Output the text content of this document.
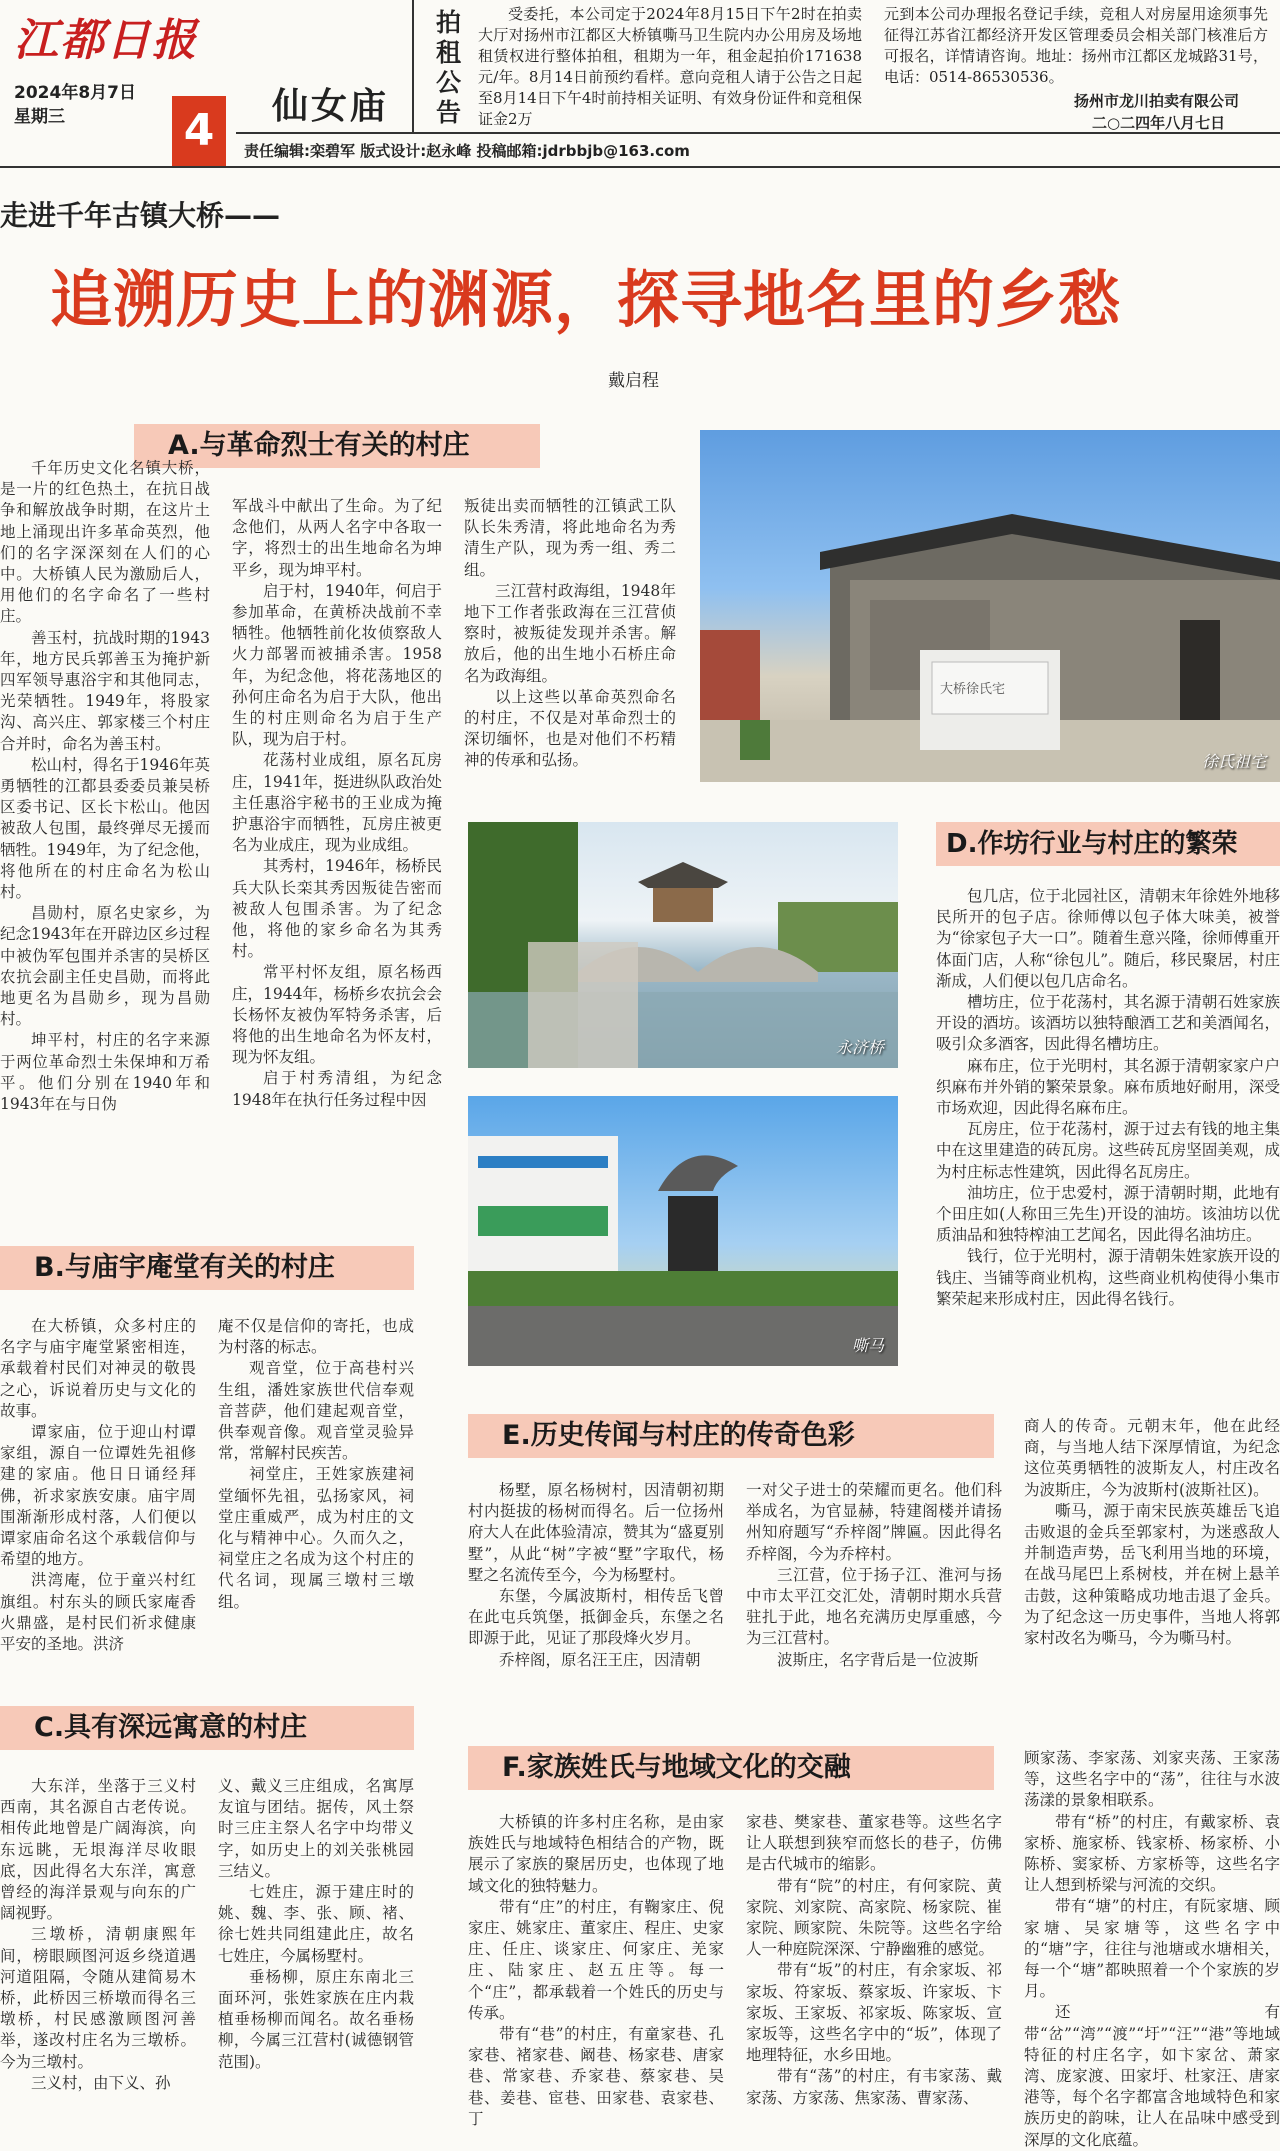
江都日报
2024年8月7日
星期三	4	仙女庙
拍租公告
受委托，本公司定于2024年8月15日下午2时在拍卖大厅对扬州市江都区大桥镇嘶马卫生院内办公用房及场地租赁权进行整体拍租，租期为一年，租金起拍价171638元/年。8月14日前预约看样。意向竞租人请于公告之日起至8月14日下午4时前持相关证明、有效身份证件和竞租保证金2万
元到本公司办理报名登记手续，竞租人对房屋用途须事先征得江苏省江都经济开发区管理委员会相关部门核准后方可报名，详情请咨询。地址：扬州市江都区龙城路31号，电话：0514-86530536。
扬州市龙川拍卖有限公司
二○二四年八月七日
责任编辑:栾碧军 版式设计:赵永峰 投稿邮箱:jdrbbjb@163.com
走进千年古镇大桥——
追溯历史上的渊源，探寻地名里的乡愁
戴启程
A.与革命烈士有关的村庄

千年历史文化名镇大桥，是一片的红色热土，在抗日战争和解放战争时期，在这片土地上涌现出许多革命英烈，他们的名字深深刻在人们的心中。大桥镇人民为激励后人，用他们的名字命名了一些村庄。

善玉村，抗战时期的1943年，地方民兵郭善玉为掩护新四军领导惠浴宇和其他同志，光荣牺牲。1949年，将股家沟、高兴庄、郭家楼三个村庄合并时，命名为善玉村。

松山村，得名于1946年英勇牺牲的江都县委委员兼吴桥区委书记、区长卞松山。他因被敌人包围，最终弹尽无援而牺牲。1949年，为了纪念他，将他所在的村庄命名为松山村。

昌勋村，原名史家乡，为纪念1943年在开辟边区乡过程中被伪军包围并杀害的吴桥区农抗会副主任史昌勋，而将此地更名为昌勋乡，现为昌勋村。

坤平村，村庄的名字来源于两位革命烈士朱保坤和万希平。他们分别在1940年和1943年在与日伪

军战斗中献出了生命。为了纪念他们，从两人名字中各取一字，将烈士的出生地命名为坤平乡，现为坤平村。

启于村，1940年，何启于参加革命，在黄桥决战前不幸牺牲。他牺牲前化妆侦察敌人火力部署而被捕杀害。1958年，为纪念他，将花荡地区的孙何庄命名为启于大队，他出生的村庄则命名为启于生产队，现为启于村。

花荡村业成组，原名瓦房庄，1941年，挺进纵队政治处主任惠浴宇秘书的王业成为掩护惠浴宇而牺牲，瓦房庄被更名为业成庄，现为业成组。

其秀村，1946年，杨桥民兵大队长栾其秀因叛徒告密而被敌人包围杀害。为了纪念他，将他的家乡命名为其秀村。

常平村怀友组，原名杨西庄，1944年，杨桥乡农抗会会长杨怀友被伪军特务杀害，后将他的出生地命名为怀友村，现为怀友组。

启于村秀清组，为纪念1948年在执行任务过程中因

叛徒出卖而牺牲的江镇武工队队长朱秀清，将此地命名为秀清生产队，现为秀一组、秀二组。

三江营村政海组，1948年地下工作者张政海在三江营侦察时，被叛徒发现并杀害。解放后，他的出生地小石桥庄命名为政海组。

以上这些以革命英烈命名的村庄，不仅是对革命烈士的深切缅怀，也是对他们不朽精神的传承和弘扬。

大桥徐氏宅
徐氏祖宅
永济桥
嘶马
B.与庙宇庵堂有关的村庄

在大桥镇，众多村庄的名字与庙宇庵堂紧密相连，承载着村民们对神灵的敬畏之心，诉说着历史与文化的故事。

谭家庙，位于迎山村谭家组，源自一位谭姓先祖修建的家庙。他日日诵经拜佛，祈求家族安康。庙宇周围渐渐形成村落，人们便以谭家庙命名这个承载信仰与希望的地方。

洪湾庵，位于童兴村红旗组。村东头的顾氏家庵香火鼎盛，是村民们祈求健康平安的圣地。洪济

庵不仅是信仰的寄托，也成为村落的标志。

观音堂，位于高巷村兴生组，潘姓家族世代信奉观音菩萨，他们建起观音堂，供奉观音像。观音堂灵验异常，常解村民疾苦。

祠堂庄，王姓家族建祠堂缅怀先祖，弘扬家风，祠堂庄重威严，成为村庄的文化与精神中心。久而久之，祠堂庄之名成为这个村庄的代名词，现属三墩村三墩组。

C.具有深远寓意的村庄

大东洋，坐落于三义村西南，其名源自古老传说。相传此地曾是广阔海滨，向东远眺，无垠海洋尽收眼底，因此得名大东洋，寓意曾经的海洋景观与向东的广阔视野。

三墩桥，清朝康熙年间，榜眼顾图河返乡绕道遇河道阻隔，令随从建简易木桥，此桥因三桥墩而得名三墩桥，村民感激顾图河善举，遂改村庄名为三墩桥。今为三墩村。

三义村，由下义、孙

义、戴义三庄组成，名寓厚友谊与团结。据传，风土祭时三庄主祭人名字中均带义字，如历史上的刘关张桃园三结义。

七姓庄，源于建庄时的姚、魏、李、张、顾、褚、徐七姓共同组建此庄，故名七姓庄，今属杨墅村。

垂杨柳，原庄东南北三面环河，张姓家族在庄内栽植垂杨柳而闻名。故名垂杨柳，今属三江营村(诚德钢管范围)。

D.作坊行业与村庄的繁荣

包几店，位于北园社区，清朝末年徐姓外地移民所开的包子店。徐师傅以包子体大味美，被誉为“徐家包子大一口”。随着生意兴隆，徐师傅重开体面门店，人称“徐包儿”。随后，移民聚居，村庄渐成，人们便以包几店命名。

槽坊庄，位于花荡村，其名源于清朝石姓家族开设的酒坊。该酒坊以独特酿酒工艺和美酒闻名，吸引众多酒客，因此得名槽坊庄。

麻布庄，位于光明村，其名源于清朝家家户户织麻布并外销的繁荣景象。麻布质地好耐用，深受市场欢迎，因此得名麻布庄。

瓦房庄，位于花荡村，源于过去有钱的地主集中在这里建造的砖瓦房。这些砖瓦房坚固美观，成为村庄标志性建筑，因此得名瓦房庄。

油坊庄，位于忠爱村，源于清朝时期，此地有个田庄如(人称田三先生)开设的油坊。该油坊以优质油品和独特榨油工艺闻名，因此得名油坊庄。

钱行，位于光明村，源于清朝朱姓家族开设的钱庄、当铺等商业机构，这些商业机构使得小集市繁荣起来形成村庄，因此得名钱行。

E.历史传闻与村庄的传奇色彩

杨墅，原名杨树村，因清朝初期村内挺拔的杨树而得名。后一位扬州府大人在此体验清凉，赞其为“盛夏别墅”，从此“树”字被“墅”字取代，杨墅之名流传至今，今为杨墅村。

东堡，今属波斯村，相传岳飞曾在此屯兵筑堡，抵御金兵，东堡之名即源于此，见证了那段烽火岁月。

乔梓阁，原名汪王庄，因清朝

一对父子进士的荣耀而更名。他们科举成名，为官显赫，特建阁楼并请扬州知府题写“乔梓阁”牌匾。因此得名乔梓阁，今为乔梓村。

三江营，位于扬子江、淮河与扬中市太平江交汇处，清朝时期水兵营驻扎于此，地名充满历史厚重感，今为三江营村。

波斯庄，名字背后是一位波斯

商人的传奇。元朝末年，他在此经商，与当地人结下深厚情谊，为纪念这位英勇牺牲的波斯友人，村庄改名为波斯庄，今为波斯村(波斯社区)。

嘶马，源于南宋民族英雄岳飞追击败退的金兵至郭家村，为迷惑敌人并制造声势，岳飞利用当地的环境，在战马尾巴上系树枝，并在树上悬羊击鼓，这种策略成功地击退了金兵。为了纪念这一历史事件，当地人将郭家村改名为嘶马，今为嘶马村。

F.家族姓氏与地域文化的交融

大桥镇的许多村庄名称，是由家族姓氏与地域特色相结合的产物，既展示了家族的聚居历史，也体现了地域文化的独特魅力。

带有“庄”的村庄，有鞠家庄、倪家庄、姚家庄、董家庄、程庄、史家庄、任庄、谈家庄、何家庄、羌家庄、陆家庄、赵五庄等。每一个“庄”，都承载着一个姓氏的历史与传承。

带有“巷”的村庄，有童家巷、孔家巷、褚家巷、阚巷、杨家巷、唐家巷、常家巷、乔家巷、蔡家巷、吴巷、姜巷、宦巷、田家巷、袁家巷、丁

家巷、樊家巷、董家巷等。这些名字让人联想到狭窄而悠长的巷子，仿佛是古代城市的缩影。

带有“院”的村庄，有何家院、黄家院、刘家院、高家院、杨家院、崔家院、顾家院、朱院等。这些名字给人一种庭院深深、宁静幽雅的感觉。

带有“坂”的村庄，有余家坂、祁家坂、符家坂、蔡家坂、许家坂、卞家坂、王家坂、祁家坂、陈家坂、宣家坂等，这些名字中的“坂”，体现了地理特征，水乡田地。

带有“荡”的村庄，有韦家荡、戴家荡、方家荡、焦家荡、曹家荡、

顾家荡、李家荡、刘家夹荡、王家荡等，这些名字中的“荡”，往往与水波荡漾的景象相联系。

带有“桥”的村庄，有戴家桥、袁家桥、施家桥、钱家桥、杨家桥、小陈桥、窦家桥、方家桥等，这些名字让人想到桥梁与河流的交织。

带有“塘”的村庄，有阮家塘、顾家塘、吴家塘等，这些名字中的“塘”字，往往与池塘或水塘相关，每一个“塘”都映照着一个个家族的岁月。

还有带“岔”“湾”“渡”“圩”“汪”“港”等地域特征的村庄名字，如卞家岔、萧家湾、庞家渡、田家圩、杜家汪、唐家港等，每个名字都富含地域特色和家族历史的韵味，让人在品味中感受到深厚的文化底蕴。
